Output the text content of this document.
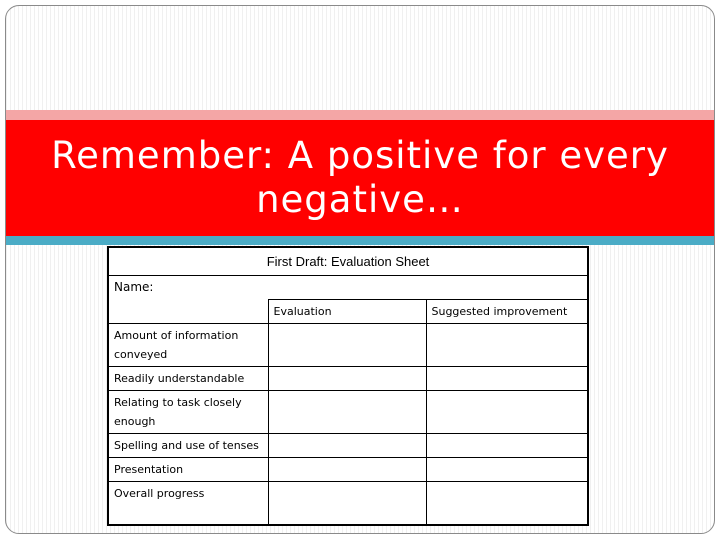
Remember: A positive for every negative…
First Draft: Evaluation Sheet		
Name:		
	Evaluation	Suggested improvement
Amount of information conveyed		
Readily understandable		
Relating to task closely enough		
Spelling and use of tenses		
Presentation		
Overall progress		
